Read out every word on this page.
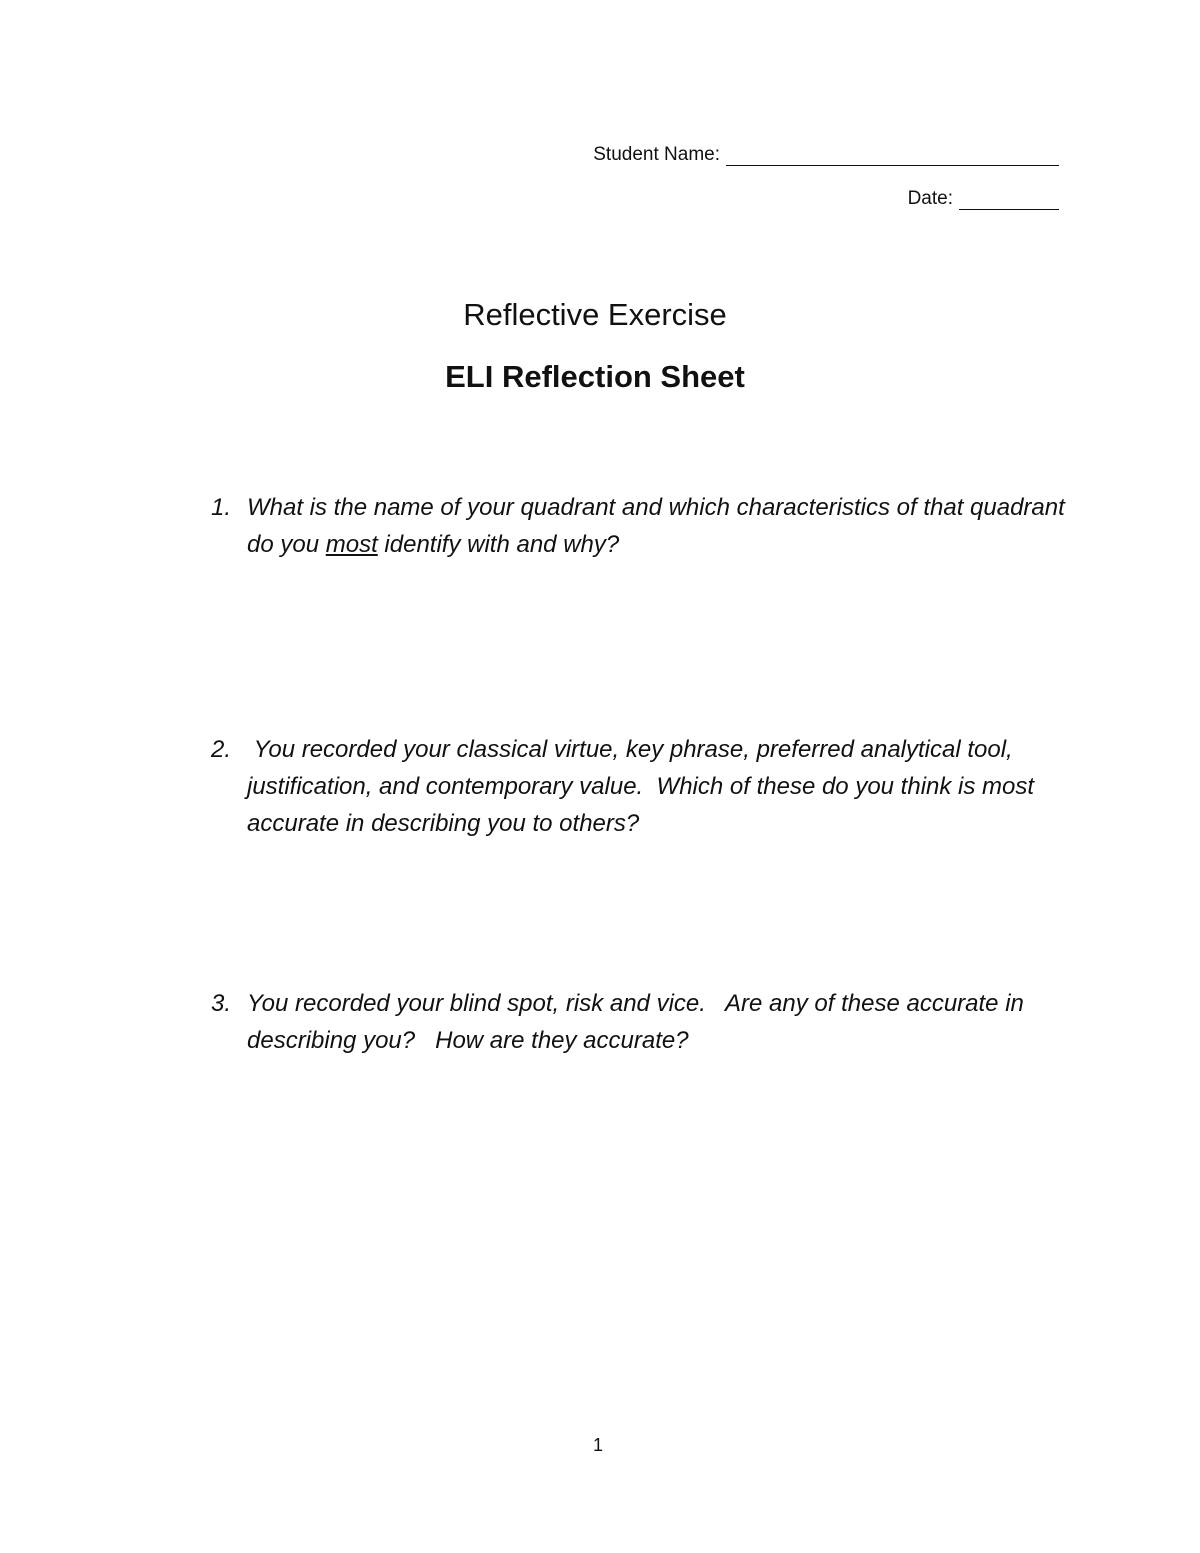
Student Name:
Date:
Reflective Exercise
ELI Reflection Sheet
1. What is the name of your quadrant and which characteristics of that quadrant do you most identify with and why?
2. You recorded your classical virtue, key phrase, preferred analytical tool, justification, and contemporary value.  Which of these do you think is most accurate in describing you to others?
3. You recorded your blind spot, risk and vice.   Are any of these accurate in describing you?   How are they accurate?
1
